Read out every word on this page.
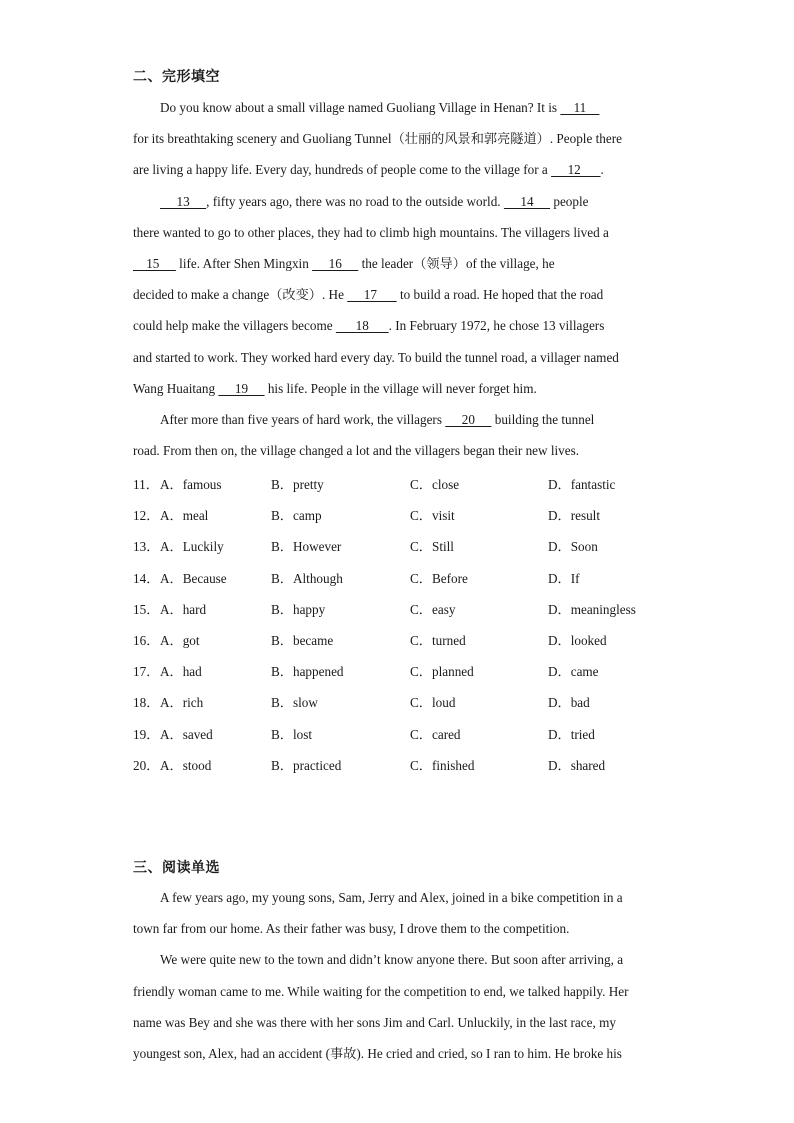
二、完形填空
Do you know about a small village named Guoliang Village in Henan? It is     11
for its breathtaking scenery and Guoliang Tunnel（壮丽的风景和郭亮隧道）. People there
are living a happy life. Every day, hundreds of people come to the village for a      12      .
13     , fifty years ago, there was no road to the outside world.      14      people
there wanted to go to other places, they had to climb high mountains. The villagers lived a
15      life. After Shen Mingxin      16      the leader（领导）of the village, he
decided to make a change（改变）. He      17       to build a road. He hoped that the road
could help make the villagers become       18      . In February 1972, he chose 13 villagers
and started to work. They worked hard every day. To build the tunnel road, a villager named
Wang Huaitang      19      his life. People in the village will never forget him.
After more than five years of hard work, the villagers      20      building the tunnel
road. From then on, the village changed a lot and the villagers began their new lives.
11． A．famous	B．pretty	C．close	D．fantastic
12． A．meal	B．camp	C．visit	D．result
13． A．Luckily	B．However	C．Still	D．Soon
14． A．Because	B．Although	C．Before	D．If
15． A．hard	B．happy	C．easy	D．meaningless
16． A．got	B．became	C．turned	D．looked
17． A．had	B．happened	C．planned	D．came
18． A．rich	B．slow	C．loud	D．bad
19． A．saved	B．lost	C．cared	D．tried
20． A．stood	B．practiced	C．finished	D．shared
三、阅读单选
A few years ago, my young sons, Sam, Jerry and Alex, joined in a bike competition in a
town far from our home. As their father was busy, I drove them to the competition.
We were quite new to the town and didn’t know anyone there. But soon after arriving, a
friendly woman came to me. While waiting for the competition to end, we talked happily. Her
name was Bey and she was there with her sons Jim and Carl. Unluckily, in the last race, my
youngest son, Alex, had an accident (事故). He cried and cried, so I ran to him. He broke his
